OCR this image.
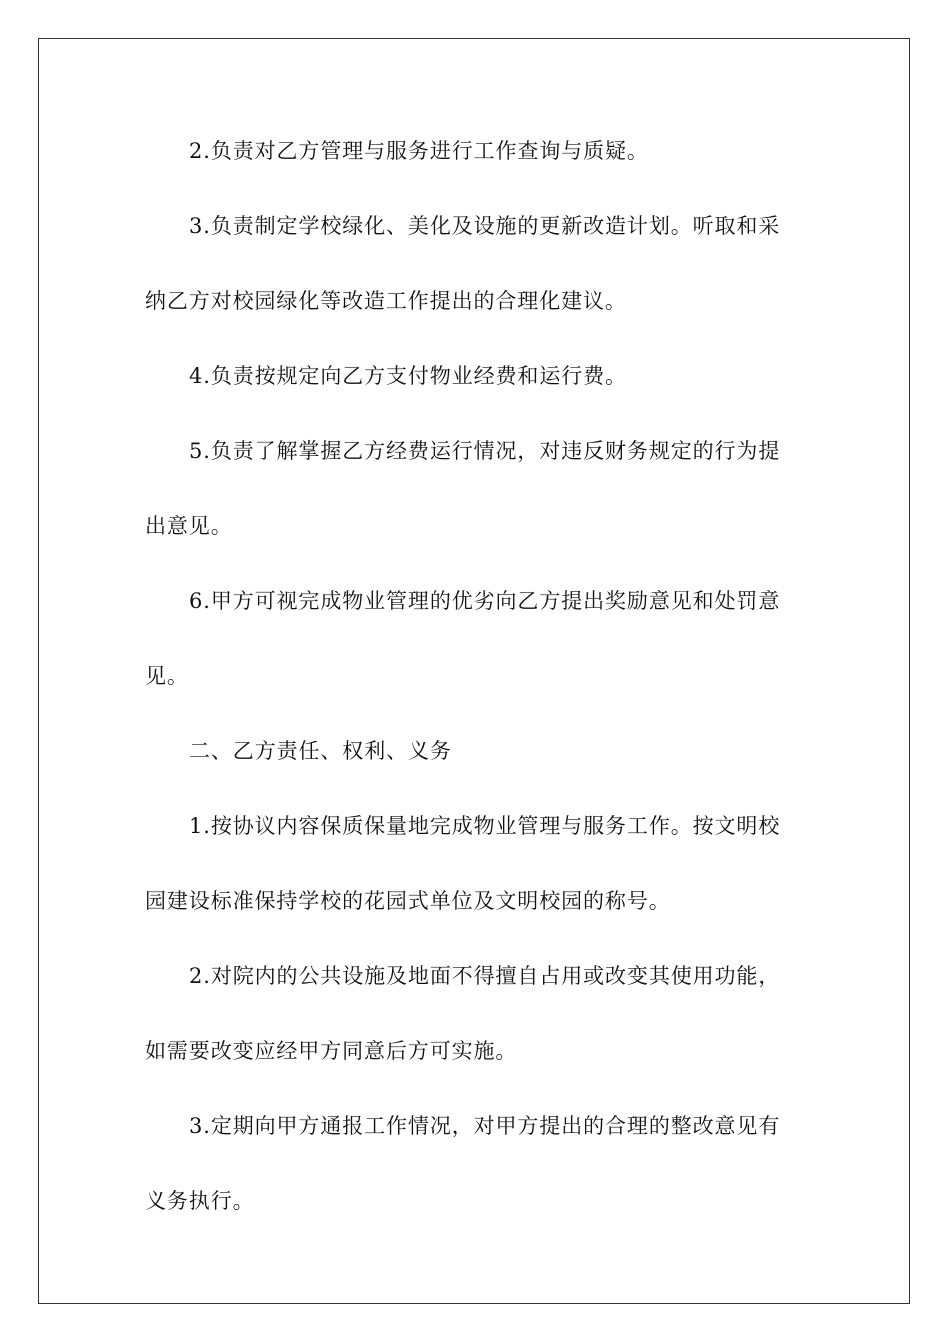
2.负责对乙方管理与服务进行工作查询与质疑。

3.负责制定学校绿化、美化及设施的更新改造计划。听取和采

纳乙方对校园绿化等改造工作提出的合理化建议。

4.负责按规定向乙方支付物业经费和运行费。

5.负责了解掌握乙方经费运行情况，对违反财务规定的行为提

出意见。

6.甲方可视完成物业管理的优劣向乙方提出奖励意见和处罚意

见。

二、乙方责任、权利、义务

1.按协议内容保质保量地完成物业管理与服务工作。按文明校

园建设标准保持学校的花园式单位及文明校园的称号。

2.对院内的公共设施及地面不得擅自占用或改变其使用功能，

如需要改变应经甲方同意后方可实施。

3.定期向甲方通报工作情况，对甲方提出的合理的整改意见有

义务执行。
